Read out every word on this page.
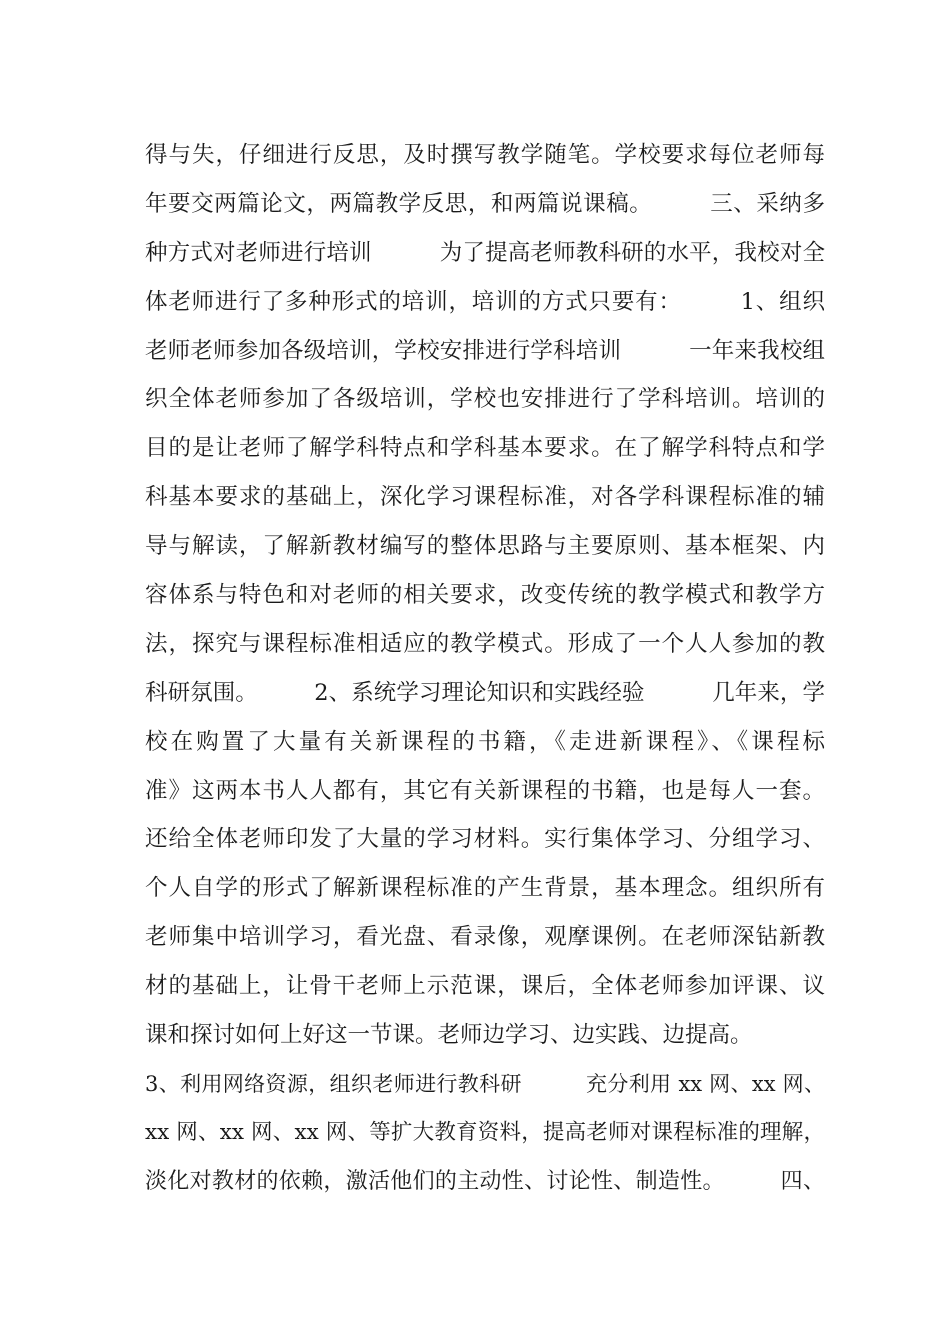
得与失，仔细进行反思，及时撰写教学随笔。学校要求每位老师每
年要交两篇论文，两篇教学反思，和两篇说课稿。　　　三、采纳多
种方式对老师进行培训　　　为了提高老师教科研的水平，我校对全
体老师进行了多种形式的培训，培训的方式只要有：　　　1、组织
老师老师参加各级培训，学校安排进行学科培训　　　一年来我校组
织全体老师参加了各级培训，学校也安排进行了学科培训。培训的
目的是让老师了解学科特点和学科基本要求。在了解学科特点和学
科基本要求的基础上，深化学习课程标准，对各学科课程标准的辅
导与解读，了解新教材编写的整体思路与主要原则、基本框架、内
容体系与特色和对老师的相关要求，改变传统的教学模式和教学方
法，探究与课程标准相适应的教学模式。形成了一个人人参加的教
科研氛围。　　　2、系统学习理论知识和实践经验　　　几年来，学
校在购置了大量有关新课程的书籍，《走进新课程》、《课程标
准》这两本书人人都有，其它有关新课程的书籍，也是每人一套。
还给全体老师印发了大量的学习材料。实行集体学习、分组学习、
个人自学的形式了解新课程标准的产生背景，基本理念。组织所有
老师集中培训学习，看光盘、看录像，观摩课例。在老师深钻新教
材的基础上，让骨干老师上示范课，课后，全体老师参加评课、议
课和探讨如何上好这一节课。老师边学习、边实践、边提高。
3、利用网络资源，组织老师进行教科研　　　充分利用 xx 网、xx 网、
xx 网、xx 网、xx 网、等扩大教育资料，提高老师对课程标准的理解，
淡化对教材的依赖，激活他们的主动性、讨论性、制造性。　　　四、
